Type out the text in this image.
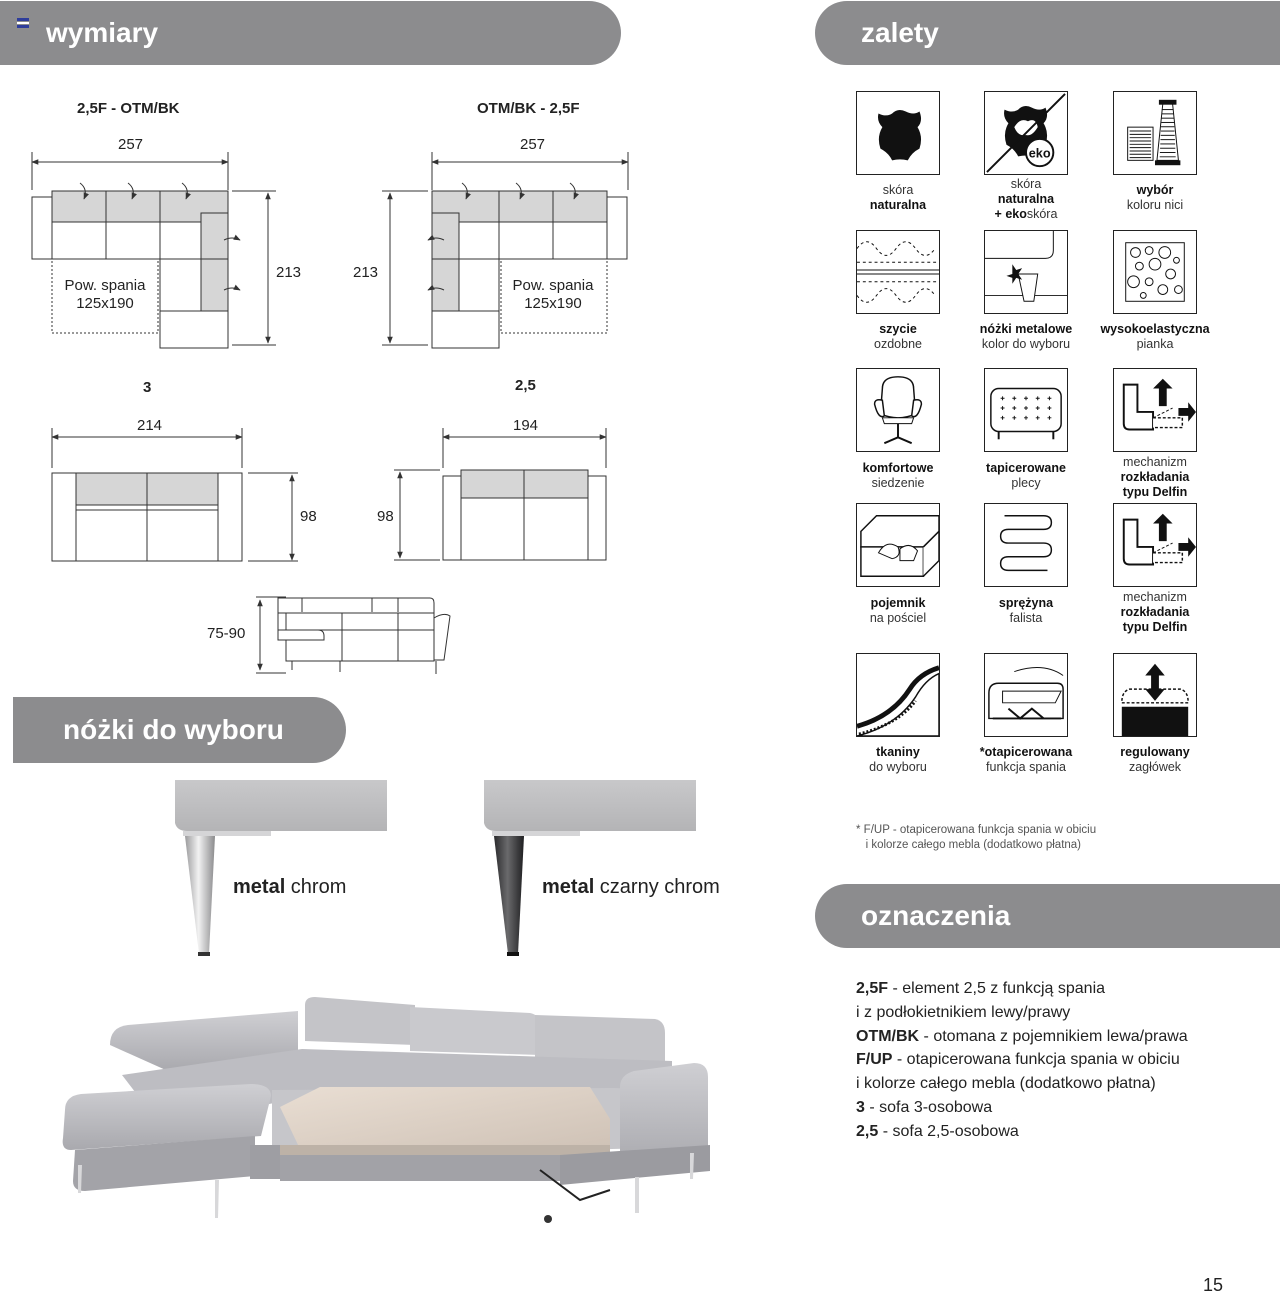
wymiary	zalety
nóżki do wyboru
oznaczenia
2,5F - OTM/BK	OTM/BK - 2,5F
257
213
Pow. spania
125x190
257
213
Pow. spania
125x190
3
214
98
2,5
194
98
75-90
metal chrom	metal czarny chrom
skóra
naturalna
eko
skóra
naturalna
+ ekoskóra
wybór
koloru nici
szycie
ozdobne
nóżki metalowe
kolor do wyboru
wysokoelastyczna
pianka
komfortowe
siedzenie
tapicerowane
plecy
mechanizm
rozkładania
typu Delfin
pojemnik
na pościel
sprężyna
falista
mechanizm
rozkładania
typu Delfin
tkaniny
do wyboru
*otapicerowana
funkcja spania
regulowany
zagłówek
* F/UP - otapicerowana funkcja spania w obiciu
i kolorze całego mebla (dodatkowo płatna)
2,5F - element 2,5 z funkcją spania
i z podłokietnikiem lewy/prawy
OTM/BK - otomana z pojemnikiem lewa/prawa
F/UP - otapicerowana funkcja spania w obiciu
i kolorze całego mebla (dodatkowo płatna)
3 - sofa 3-osobowa
2,5 - sofa 2,5-osobowa
15
